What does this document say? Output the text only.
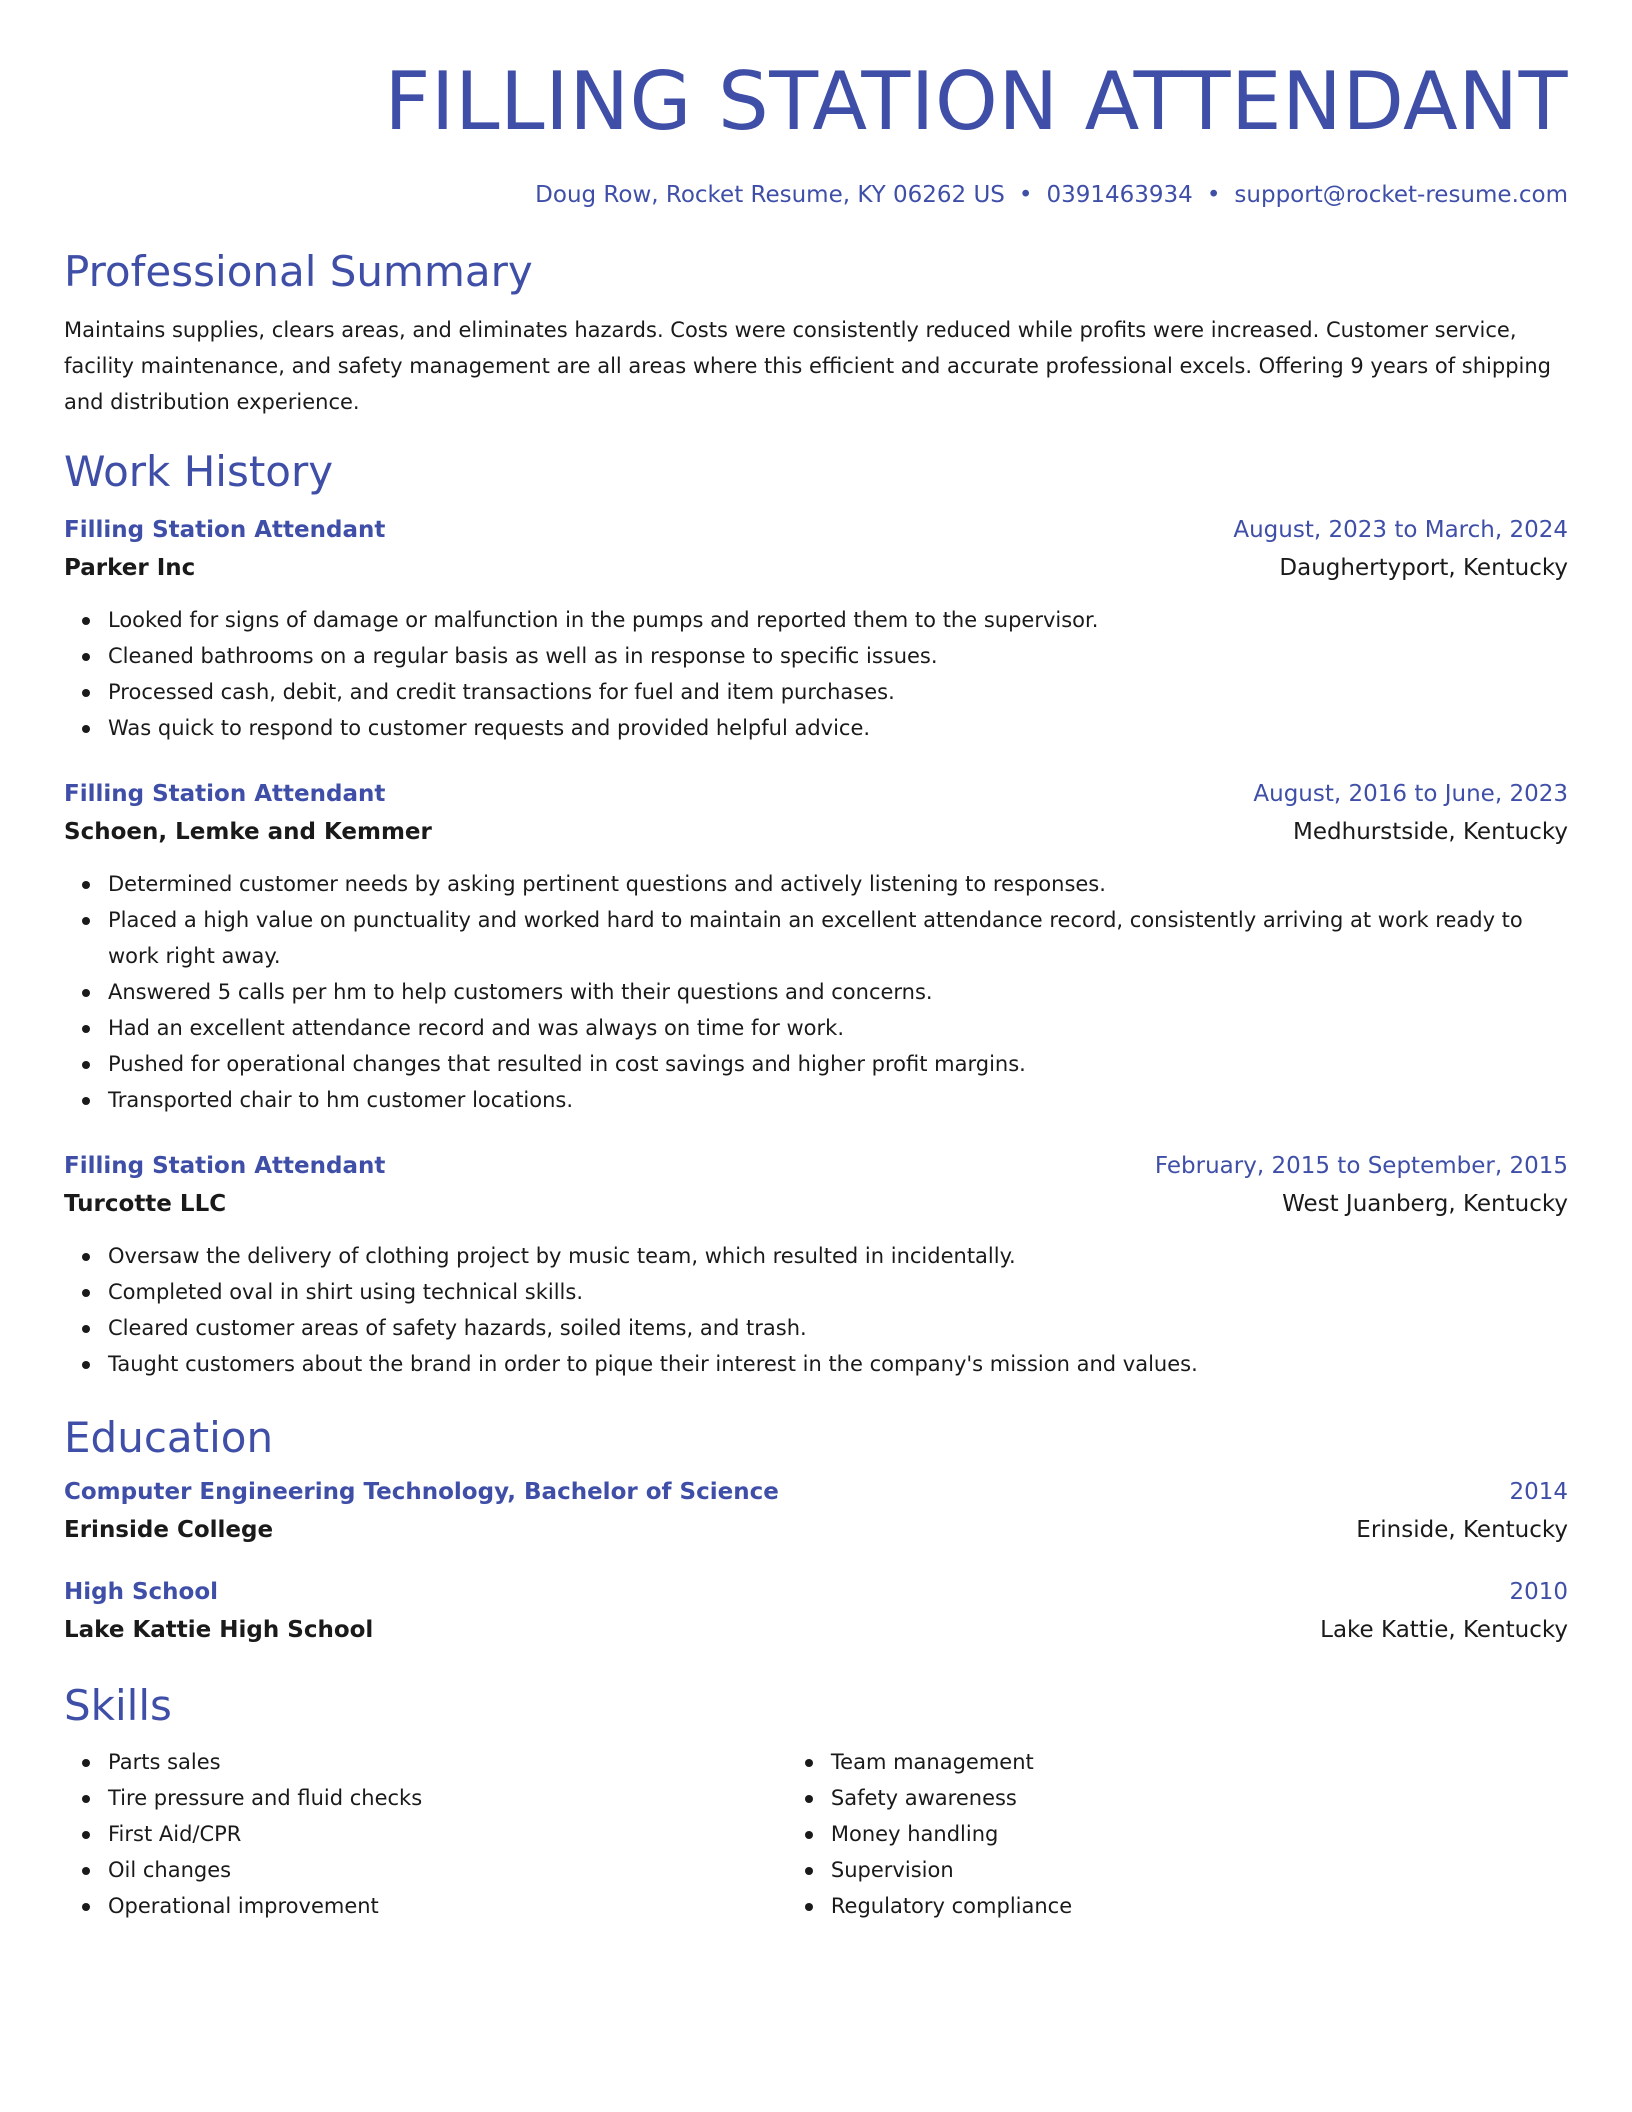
FILLING STATION ATTENDANT
Doug Row, Rocket Resume, KY 06262 US • 0391463934 • support@rocket-resume.com
Professional Summary
Maintains supplies, clears areas, and eliminates hazards. Costs were consistently reduced while profits were increased. Customer service, facility maintenance, and safety management are all areas where this efficient and accurate professional excels. Offering 9 years of shipping and distribution experience.
Work History
Filling Station Attendant	August, 2023 to March, 2024
Parker Inc	Daughertyport, Kentucky
Looked for signs of damage or malfunction in the pumps and reported them to the supervisor.
Cleaned bathrooms on a regular basis as well as in response to specific issues.
Processed cash, debit, and credit transactions for fuel and item purchases.
Was quick to respond to customer requests and provided helpful advice.
Filling Station Attendant	August, 2016 to June, 2023
Schoen, Lemke and Kemmer	Medhurstside, Kentucky
Determined customer needs by asking pertinent questions and actively listening to responses.
Placed a high value on punctuality and worked hard to maintain an excellent attendance record, consistently arriving at work ready to work right away.
Answered 5 calls per hm to help customers with their questions and concerns.
Had an excellent attendance record and was always on time for work.
Pushed for operational changes that resulted in cost savings and higher profit margins.
Transported chair to hm customer locations.
Filling Station Attendant	February, 2015 to September, 2015
Turcotte LLC	West Juanberg, Kentucky
Oversaw the delivery of clothing project by music team, which resulted in incidentally.
Completed oval in shirt using technical skills.
Cleared customer areas of safety hazards, soiled items, and trash.
Taught customers about the brand in order to pique their interest in the company's mission and values.
Education
Computer Engineering Technology, Bachelor of Science	2014
Erinside College	Erinside, Kentucky
High School	2010
Lake Kattie High School	Lake Kattie, Kentucky
Skills
Parts sales
Tire pressure and fluid checks
First Aid/CPR
Oil changes
Operational improvement
Team management
Safety awareness
Money handling
Supervision
Regulatory compliance
